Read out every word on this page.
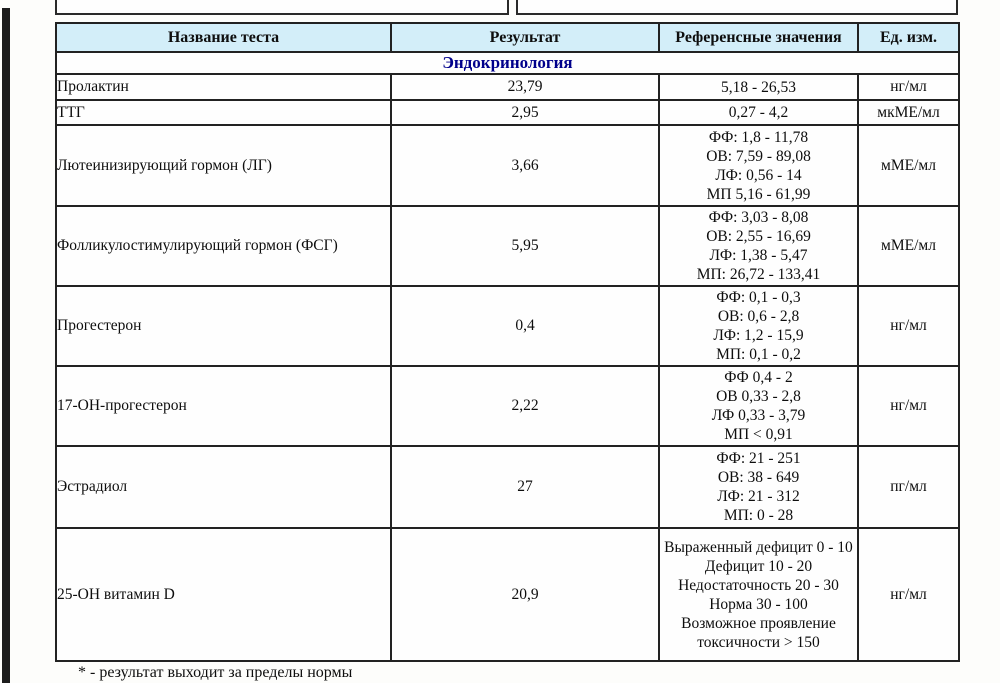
Название теста	Результат	Референсные значения	Ед. изм.
Эндокринология			
Пролактин	23,79	5,18 - 26,53	нг/мл
ТТГ	2,95	0,27 - 4,2	мкМЕ/мл
Лютеинизирующий гормон (ЛГ)	3,66	ФФ: 1,8 - 11,78
ОВ: 7,59 - 89,08
ЛФ: 0,56 - 14
МП 5,16 - 61,99	мМЕ/мл
Фолликулостимулирующий гормон (ФСГ)	5,95	ФФ: 3,03 - 8,08
ОВ: 2,55 - 16,69
ЛФ: 1,38 - 5,47
МП: 26,72 - 133,41	мМЕ/мл
Прогестерон	0,4	ФФ: 0,1 - 0,3
ОВ: 0,6 - 2,8
ЛФ: 1,2 - 15,9
МП: 0,1 - 0,2	нг/мл
17-ОН-прогестерон	2,22	ФФ 0,4 - 2
ОВ 0,33 - 2,8
ЛФ 0,33 - 3,79
МП < 0,91	нг/мл
Эстрадиол	27	ФФ: 21 - 251
ОВ: 38 - 649
ЛФ: 21 - 312
МП: 0 - 28	пг/мл
25-ОН витамин D	20,9	Выраженный дефицит 0 - 10
Дефицит 10 - 20
Недостаточность 20 - 30
Норма 30 - 100
Возможное проявление токсичности > 150	нг/мл
* - результат выходит за пределы нормы
